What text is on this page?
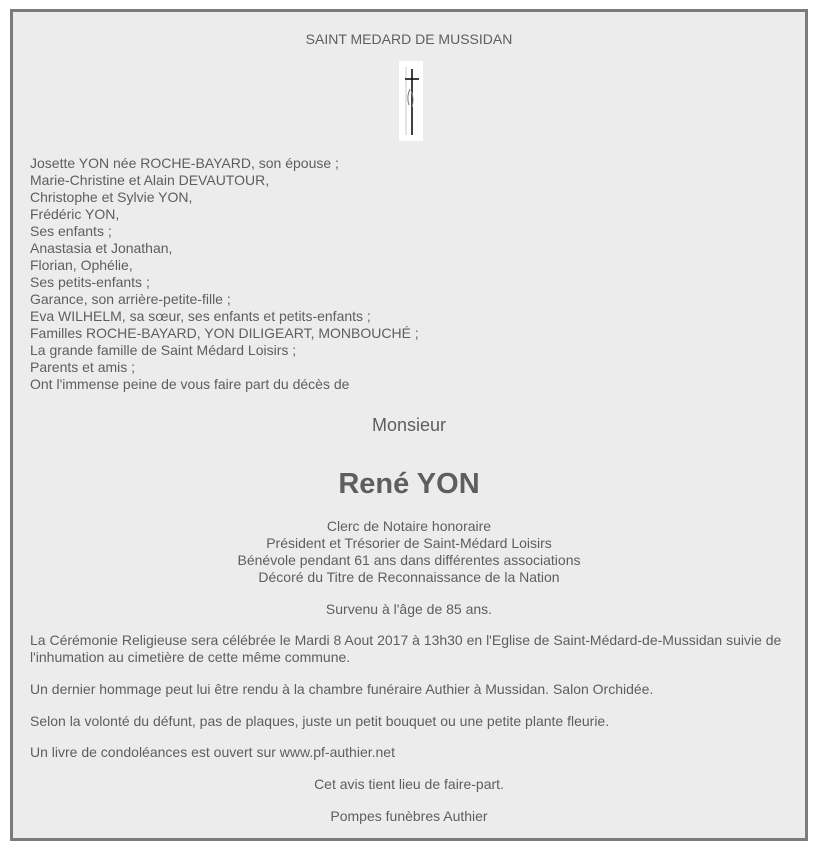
SAINT MEDARD DE MUSSIDAN
Josette YON née ROCHE-BAYARD, son épouse ;
Marie-Christine et Alain DEVAUTOUR,
Christophe et Sylvie YON,
Frédéric YON,
Ses enfants ;
Anastasia et Jonathan,
Florian, Ophélie,
Ses petits-enfants ;
Garance, son arrière-petite-fille ;
Eva WILHELM, sa sœur, ses enfants et petits-enfants ;
Familles ROCHE-BAYARD, YON DILIGEART, MONBOUCHÉ ;
La grande famille de Saint Médard Loisirs ;
Parents et amis ;
Ont l'immense peine de vous faire part du décès de
Monsieur
René YON
Clerc de Notaire honoraire
Président et Trésorier de Saint-Médard Loisirs
Bénévole pendant 61 ans dans différentes associations
Décoré du Titre de Reconnaissance de la Nation
Survenu à l'âge de 85 ans.
La Cérémonie Religieuse sera célébrée le Mardi 8 Aout 2017 à 13h30 en l'Eglise de Saint-Médard-de-Mussidan suivie de l'inhumation au cimetière de cette même commune.
Un dernier hommage peut lui être rendu à la chambre funéraire Authier à Mussidan. Salon Orchidée.
Selon la volonté du défunt, pas de plaques, juste un petit bouquet ou une petite plante fleurie.
Un livre de condoléances est ouvert sur www.pf-authier.net
Cet avis tient lieu de faire-part.
Pompes funèbres Authier
